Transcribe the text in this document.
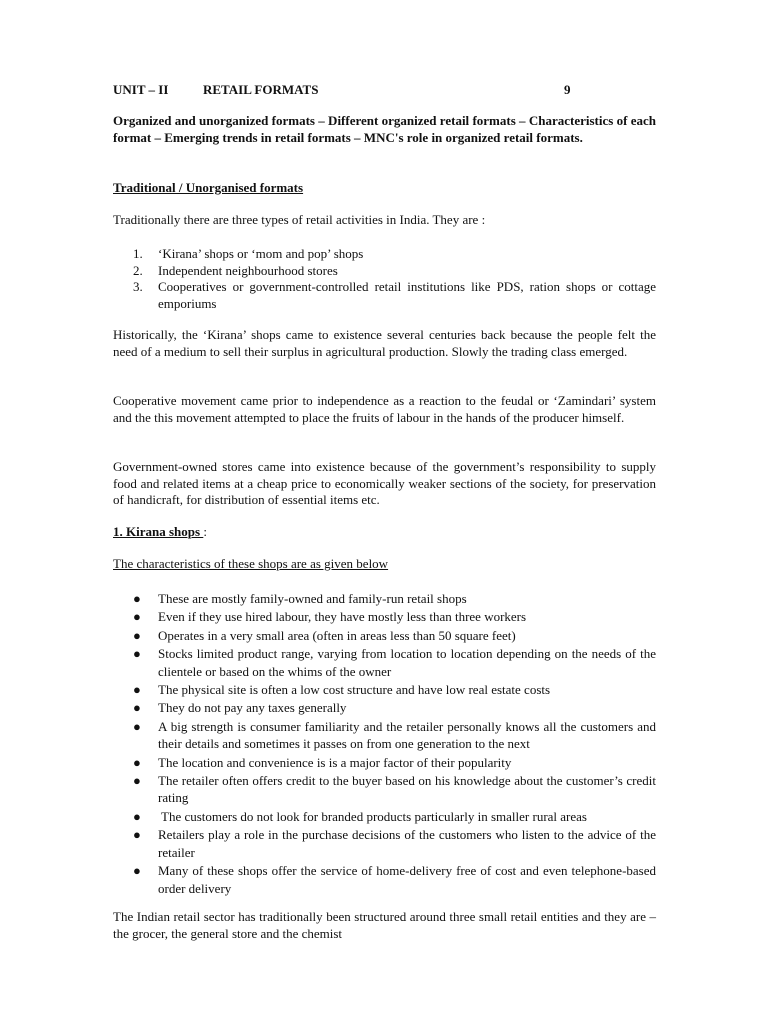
UNIT – II	RETAIL FORMATS	9
Organized and unorganized formats – Different organized retail formats – Characteristics of each format – Emerging trends in retail formats – MNC's role in organized retail formats.
Traditional / Unorganised formats
Traditionally there are three types of retail activities in India. They are :
1. ‘Kirana’ shops or ‘mom and pop’ shops
2. Independent neighbourhood stores
3. Cooperatives or government-controlled retail institutions like PDS, ration shops or cottage emporiums
Historically, the ‘Kirana’ shops came to existence several centuries back because the people felt the need of a medium to sell their surplus in agricultural production. Slowly the trading class emerged.
Cooperative movement came prior to independence as a reaction to the feudal or ‘Zamindari’ system and the this movement attempted to place the fruits of labour in the hands of the producer himself.
Government-owned stores came into existence because of the government’s responsibility to supply food and related items at a cheap price to economically weaker sections of the society, for preservation of handicraft, for distribution of essential items etc.
1. Kirana shops :
The characteristics of these shops are as given below
● These are mostly family-owned and family-run retail shops
● Even if they use hired labour, they have mostly less than three workers
● Operates in a very small area (often in areas less than 50 square feet)
● Stocks limited product range, varying from location to location depending on the needs of the clientele or based on the whims of the owner
● The physical site is often a low cost structure and have low real estate costs
● They do not pay any taxes generally
● A big strength is consumer familiarity and the retailer personally knows all the customers and their details and sometimes it passes on from one generation to the next
● The location and convenience is is a major factor of their popularity
● The retailer often offers credit to the buyer based on his knowledge about the customer’s credit rating
● The customers do not look for branded products particularly in smaller rural areas
● Retailers play a role in the purchase decisions of the customers who listen to the advice of the retailer
● Many of these shops offer the service of home-delivery free of cost and even telephone-based order delivery
The Indian retail sector has traditionally been structured around three small retail entities and they are – the grocer, the general store and the chemist
